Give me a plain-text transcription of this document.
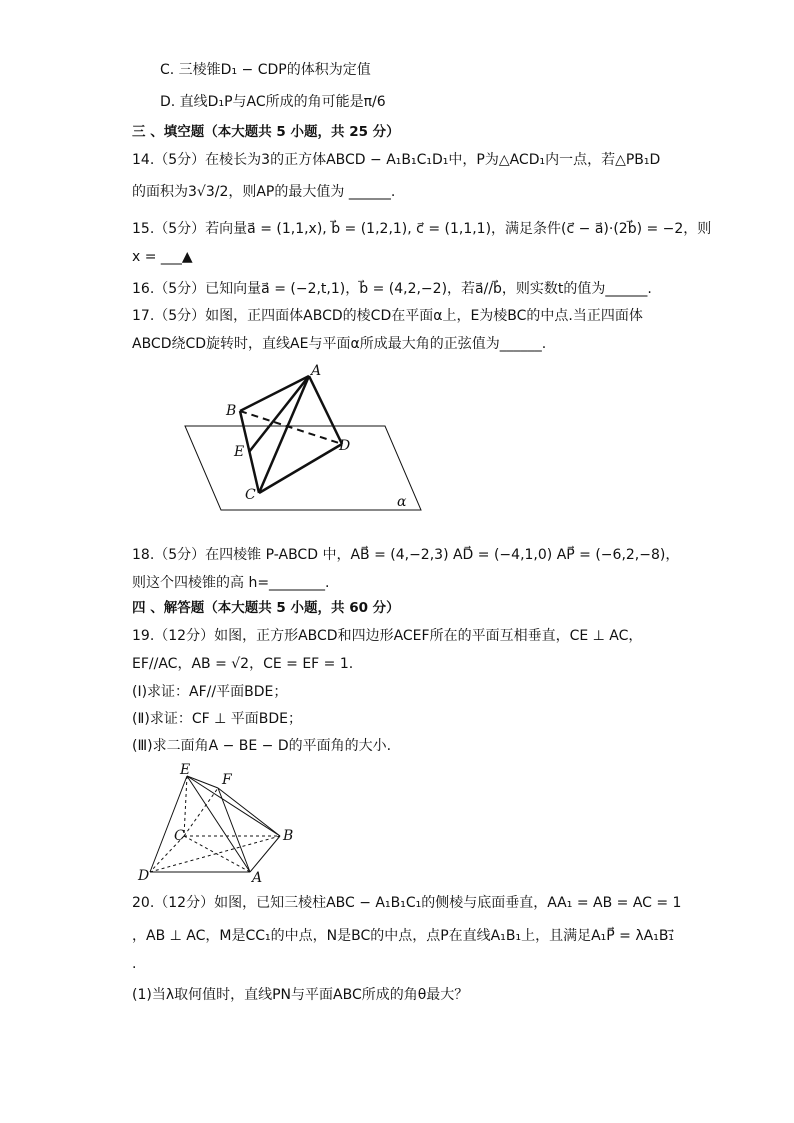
C. 三棱锥D₁ − CDP的体积为定值
D. 直线D₁P与AC所成的角可能是π/6
三 、填空题（本大题共 5 小题，共 25 分）
14.（5分）在棱长为3的正方体ABCD − A₁B₁C₁D₁中，P为△ACD₁内一点，若△PB₁D
的面积为3√3/2，则AP的最大值为 ______.
15.（5分）若向量a⃗ = (1,1,x), b⃗ = (1,2,1), c⃗ = (1,1,1)，满足条件(c⃗ − a⃗)·(2b⃗) = −2，则
x = ___▲
16.（5分）已知向量a⃗ = (−2,t,1)，b⃗ = (4,2,−2)，若a⃗//b⃗，则实数t的值为______.
17.（5分）如图，正四面体ABCD的棱CD在平面α上，E为棱BC的中点.当正四面体
ABCD绕CD旋转时，直线AE与平面α所成最大角的正弦值为______.
A
B
C
D
E
α
18.（5分）在四棱锥 P-ABCD 中，AB⃗ = (4,−2,3) AD⃗ = (−4,1,0) AP⃗ = (−6,2,−8)，
则这个四棱锥的高 h=________.
四 、解答题（本大题共 5 小题，共 60 分）
19.（12分）如图，正方形ABCD和四边形ACEF所在的平面互相垂直，CE ⊥ AC，
EF//AC，AB = √2，CE = EF = 1.
(Ⅰ)求证：AF//平面BDE；
(Ⅱ)求证：CF ⊥ 平面BDE；
(Ⅲ)求二面角A − BE − D的平面角的大小.
E
F
C	B
D	A
20.（12分）如图，已知三棱柱ABC − A₁B₁C₁的侧棱与底面垂直，AA₁ = AB = AC = 1
，AB ⊥ AC，M是CC₁的中点，N是BC的中点，点P在直线A₁B₁上，且满足A₁P⃗ = λA₁B₁⃗
.
(1)当λ取何值时，直线PN与平面ABC所成的角θ最大？
